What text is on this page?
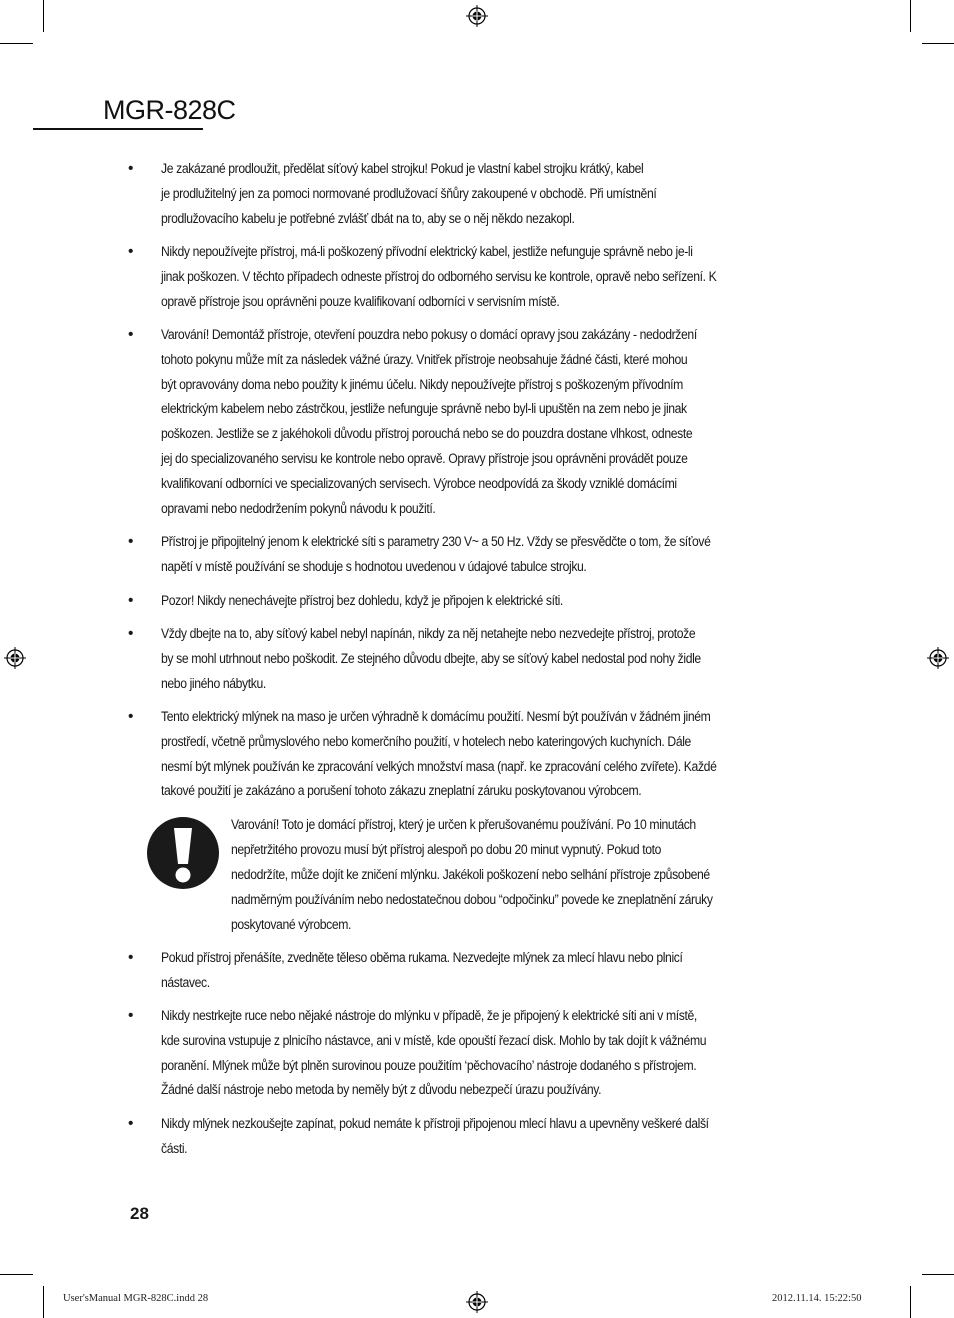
MGR-828C
• Je zakázané prodloužit, předělat síťový kabel strojku! Pokud je vlastní kabel strojku krátký, kabel
je prodlužitelný jen za pomoci normované prodlužovací šňůry zakoupené v obchodě. Při umístnění
prodlužovacího kabelu je potřebné zvlášť dbát na to, aby se o něj někdo nezakopl.
• Nikdy nepoužívejte přístroj, má-li poškozený přívodní elektrický kabel, jestliže nefunguje správně nebo je-li
jinak poškozen. V těchto případech odneste přístroj do odborného servisu ke kontrole, opravě nebo seřízení. K
opravě přístroje jsou oprávněni pouze kvalifikovaní odborníci v servisním místě.
• Varování! Demontáž přístroje, otevření pouzdra nebo pokusy o domácí opravy jsou zakázány - nedodržení
tohoto pokynu může mít za následek vážné úrazy. Vnitřek přístroje neobsahuje žádné části, které mohou
být opravovány doma nebo použity k jinému účelu. Nikdy nepoužívejte přístroj s poškozeným přívodním
elektrickým kabelem nebo zástrčkou, jestliže nefunguje správně nebo byl-li upuštěn na zem nebo je jinak
poškozen. Jestliže se z jakéhokoli důvodu přístroj porouchá nebo se do pouzdra dostane vlhkost, odneste
jej do specializovaného servisu ke kontrole nebo opravě. Opravy přístroje jsou oprávněni provádět pouze
kvalifikovaní odborníci ve specializovaných servisech. Výrobce neodpovídá za škody vzniklé domácími
opravami nebo nedodržením pokynů návodu k použití.
• Přístroj je připojitelný jenom k elektrické síti s parametry 230 V~ a 50 Hz. Vždy se přesvědčte o tom, že síťové
napětí v místě používání se shoduje s hodnotou uvedenou v údajové tabulce strojku.
• Pozor! Nikdy nenechávejte přístroj bez dohledu, když je připojen k elektrické síti.
• Vždy dbejte na to, aby síťový kabel nebyl napínán, nikdy za něj netahejte nebo nezvedejte přístroj, protože
by se mohl utrhnout nebo poškodit. Ze stejného důvodu dbejte, aby se síťový kabel nedostal pod nohy židle
nebo jiného nábytku.
• Tento elektrický mlýnek na maso je určen výhradně k domácímu použití. Nesmí být používán v žádném jiném
prostředí, včetně průmyslového nebo komerčního použití, v hotelech nebo kateringových kuchyních. Dále
nesmí být mlýnek používán ke zpracování velkých množství masa (např. ke zpracování celého zvířete). Každé
takové použití je zakázáno a porušení tohoto zákazu zneplatní záruku poskytovanou výrobcem.
• Pokud přístroj přenášíte, zvedněte těleso oběma rukama. Nezvedejte mlýnek za mlecí hlavu nebo plnicí
nástavec.
• Nikdy nestrkejte ruce nebo nějaké nástroje do mlýnku v případě, že je připojený k elektrické síti ani v místě,
kde surovina vstupuje z plnicího nástavce, ani v místě, kde opouští řezací disk. Mohlo by tak dojít k vážnému
poranění. Mlýnek může být plněn surovinou pouze použitím ‘pěchovacího’ nástroje dodaného s přístrojem.
Žádné další nástroje nebo metoda by neměly být z důvodu nebezpečí úrazu používány.
• Nikdy mlýnek nezkoušejte zapínat, pokud nemáte k přístroji připojenou mlecí hlavu a upevněny veškeré další
části.
Varování! Toto je domácí přístroj, který je určen k přerušovanému používání. Po 10 minutách
nepřetržitého provozu musí být přístroj alespoň po dobu 20 minut vypnutý. Pokud toto
nedodržíte, může dojít ke zničení mlýnku. Jakékoli poškození nebo selhání přístroje způsobené
nadměrným používáním nebo nedostatečnou dobou “odpočinku” povede ke zneplatnění záruky
poskytované výrobcem.
28
User'sManual MGR-828C.indd 28	2012.11.14. 15:22:50
